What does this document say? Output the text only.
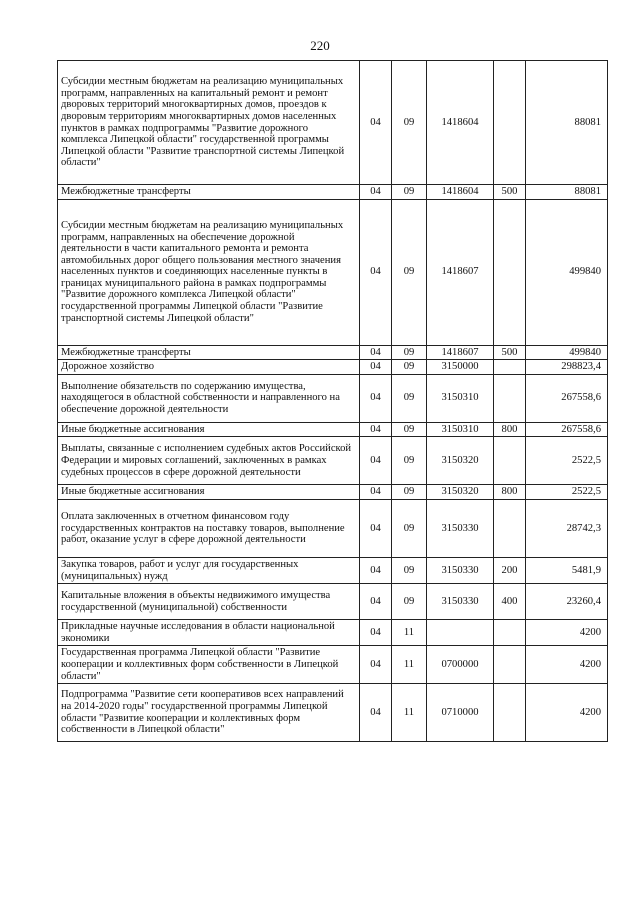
220
Субсидии местным бюджетам на реализацию муниципальных программ, направленных на капитальный ремонт и ремонт дворовых территорий многоквартирных домов, проездов к дворовым территориям многоквартирных домов населенных пунктов в рамках подпрограммы "Развитие дорожного комплекса Липецкой области" государственной программы Липецкой области "Развитие транспортной системы Липецкой области"	04	09	1418604		88081
Межбюджетные трансферты	04	09	1418604	500	88081
Субсидии местным бюджетам на реализацию муниципальных программ, направленных на обеспечение дорожной деятельности в части капитального ремонта и ремонта автомобильных дорог общего пользования местного значения населенных пунктов и соединяющих населенные пункты в границах муниципального района в рамках подпрограммы "Развитие дорожного комплекса Липецкой области" государственной программы Липецкой области "Развитие транспортной системы Липецкой области"	04	09	1418607		499840
Межбюджетные трансферты	04	09	1418607	500	499840
Дорожное хозяйство	04	09	3150000		298823,4
Выполнение обязательств по содержанию имущества, находящегося в областной собственности и направленного на обеспечение дорожной деятельности	04	09	3150310		267558,6
Иные бюджетные ассигнования	04	09	3150310	800	267558,6
Выплаты, связанные с исполнением судебных актов Российской Федерации и мировых соглашений, заключенных в рамках судебных процессов в сфере дорожной деятельности	04	09	3150320		2522,5
Иные бюджетные ассигнования	04	09	3150320	800	2522,5
Оплата заключенных в отчетном финансовом году государственных контрактов на поставку товаров, выполнение работ, оказание услуг в сфере дорожной деятельности	04	09	3150330		28742,3
Закупка товаров, работ и услуг для государственных (муниципальных) нужд	04	09	3150330	200	5481,9
Капитальные вложения в объекты недвижимого имущества государственной (муниципальной) собственности	04	09	3150330	400	23260,4
Прикладные научные исследования в области национальной экономики	04	11			4200
Государственная программа Липецкой области "Развитие кооперации и коллективных форм собственности в Липецкой области"	04	11	0700000		4200
Подпрограмма "Развитие сети кооперативов всех направлений на 2014-2020 годы" государственной программы Липецкой области "Развитие кооперации и коллективных форм собственности в Липецкой области"	04	11	0710000		4200
